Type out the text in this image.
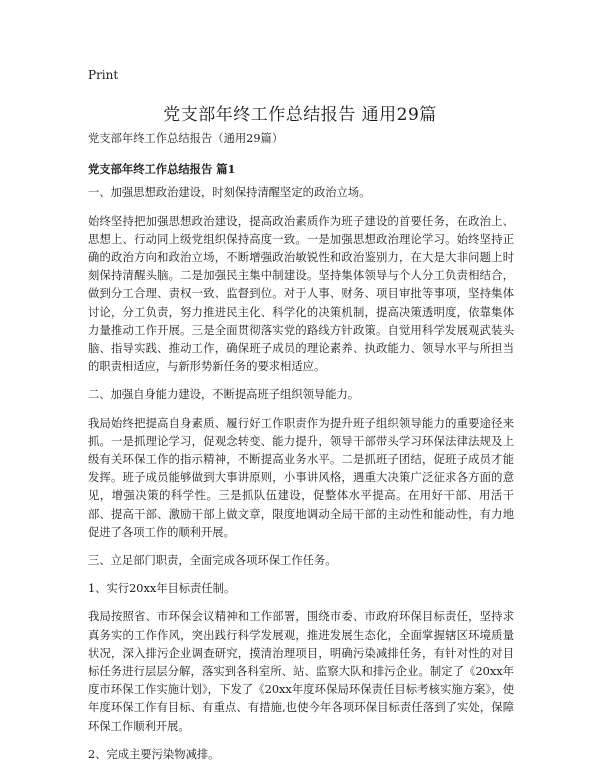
Print
党支部年终工作总结报告 通用29篇

党支部年终工作总结报告（通用29篇）

党支部年终工作总结报告 篇1

一、加强思想政治建设，时刻保持清醒坚定的政治立场。

始终坚持把加强思想政治建设，提高政治素质作为班子建设的首要任务，在政治上、思想上、行动同上级党组织保持高度一致。一是加强思想政治理论学习。始终坚持正确的政治方向和政治立场，不断增强政治敏锐性和政治鉴别力，在大是大非问题上时刻保持清醒头脑。二是加强民主集中制建设。坚持集体领导与个人分工负责相结合，做到分工合理、责权一致、监督到位。对于人事、财务、项目审批等事项，坚持集体讨论，分工负责，努力推进民主化、科学化的决策机制，提高决策透明度，依靠集体力量推动工作开展。三是全面贯彻落实党的路线方针政策。自觉用科学发展观武装头脑、指导实践、推动工作，确保班子成员的理论素养、执政能力、领导水平与所担当的职责相适应，与新形势新任务的要求相适应。

二、加强自身能力建设，不断提高班子组织领导能力。

我局始终把提高自身素质、履行好工作职责作为提升班子组织领导能力的重要途径来抓。一是抓理论学习，促观念转变、能力提升，领导干部带头学习环保法律法规及上级有关环保工作的指示精神，不断提高业务水平。二是抓班子团结，促班子成员才能发挥。班子成员能够做到大事讲原则，小事讲风格，遇重大决策广泛征求各方面的意见，增强决策的科学性。三是抓队伍建设，促整体水平提高。在用好干部、用活干部、提高干部、激励干部上做文章，限度地调动全局干部的主动性和能动性，有力地促进了各项工作的顺利开展。

三、立足部门职责，全面完成各项环保工作任务。

1、实行20xx年目标责任制。

我局按照省、市环保会议精神和工作部署，围绕市委、市政府环保目标责任，坚持求真务实的工作作风，突出践行科学发展观，推进发展生态化，全面掌握辖区环境质量状况，深入排污企业调查研究，摸清治理项目，明确污染减排任务，有针对性的对目标任务进行层层分解，落实到各科室所、站、监察大队和排污企业。制定了《20xx年度市环保工作实施计划》，下发了《20xx年度环保局环保责任目标考核实施方案》，使年度环保工作有目标、有重点、有措施,也使今年各项环保目标责任落到了实处，保障环保工作顺利开展。

2、完成主要污染物减排。
